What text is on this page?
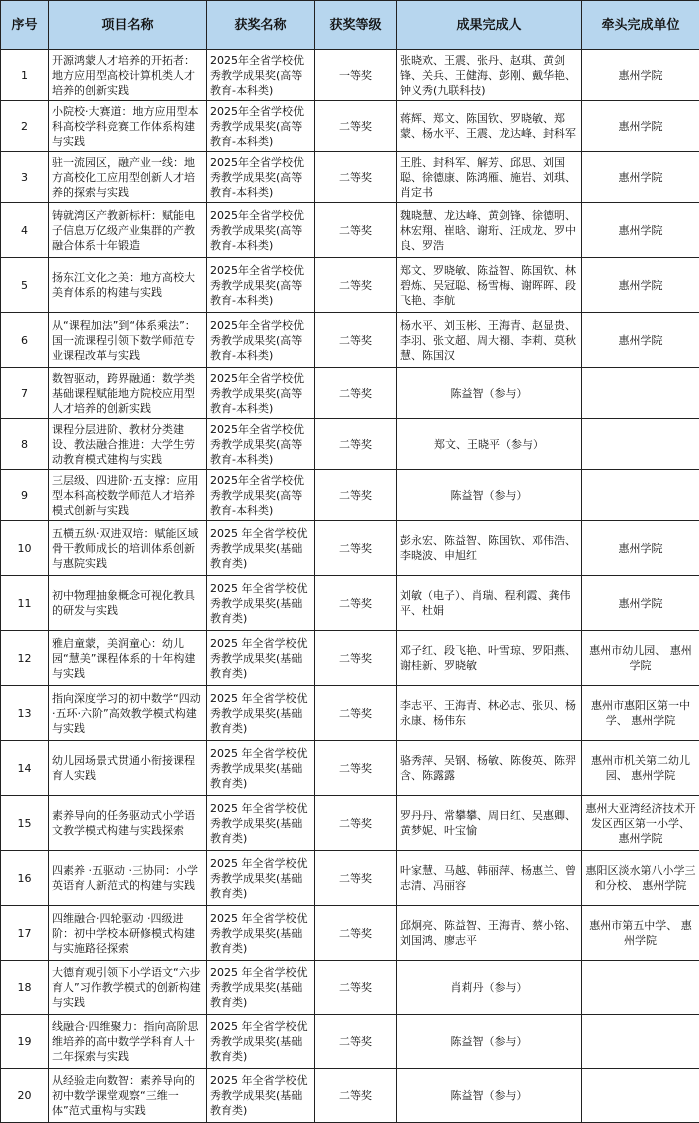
序号	项目名称	获奖名称	获奖等级	成果完成人	牵头完成单位
1	开源鸿蒙人才培养的开拓者：地方应用型高校计算机类人才培养的创新实践	2025年全省学校优秀教学成果奖(高等教育-本科类)	一等奖	张晓欢、王震、张丹、赵琪、黄剑锋、关兵、王健海、彭刚、戴华艳、钟义秀(九联科技)	惠州学院
2	小院校·大赛道：地方应用型本科高校学科竞赛工作体系构建与实践	2025年全省学校优秀教学成果奖(高等教育-本科类)	二等奖	蒋辉、郑文、陈国钦、罗晓敏、郑蒙、杨水平、王震、龙达峰、封科军	惠州学院
3	驻一流园区，融产业一线：地方高校化工应用型创新人才培养的探索与实践	2025年全省学校优秀教学成果奖(高等教育-本科类)	二等奖	王胜、封科军、解芳、邱思、刘国聪、徐德康、陈鸿雁、施岩、刘琪、肖定书	惠州学院
4	铸就湾区产教新标杆：赋能电子信息万亿级产业集群的产教融合体系十年锻造	2025年全省学校优秀教学成果奖(高等教育-本科类)	二等奖	魏晓慧、龙达峰、黄剑锋、徐德明、林宏翔、崔晗、谢珩、汪成龙、罗中良、罗浩	惠州学院
5	扬东江文化之美：地方高校大美育体系的构建与实践	2025年全省学校优秀教学成果奖(高等教育-本科类)	二等奖	郑文、罗晓敏、陈益智、陈国钦、林碧炼、吴冠聪、杨雪梅、谢晖晖、段飞艳、李航	惠州学院
6	从“课程加法”到“体系乘法”：国一流课程引领下数学师范专业课程改革与实践	2025年全省学校优秀教学成果奖(高等教育-本科类)	二等奖	杨水平、刘玉彬、王海青、赵显贵、李羽、张文超、周大禤、李莉、莫秋慧、陈国汉	惠州学院
7	数智驱动，跨界融通：数学类基础课程赋能地方院校应用型人才培养的创新实践	2025年全省学校优秀教学成果奖(高等教育-本科类)	二等奖	陈益智（参与）	
8	课程分层进阶、教材分类建设、教法融合推进：大学生劳动教育模式建构与实践	2025年全省学校优秀教学成果奖(高等教育-本科类)	二等奖	郑文、王晓平（参与）	
9	三层级、四进阶·五支撑：应用型本科高校数学师范人才培养模式创新与实践	2025年全省学校优秀教学成果奖(高等教育-本科类)	二等奖	陈益智（参与）	
10	五横五纵·双进双培：赋能区域骨干教师成长的培训体系创新与惠院实践	2025 年全省学校优秀教学成果奖(基础教育类)	二等奖	彭永宏、陈益智、陈国钦、邓伟浩、李晓波、申旭红	惠州学院
11	初中物理抽象概念可视化教具的研发与实践	2025 年全省学校优秀教学成果奖(基础教育类)	二等奖	刘敏（电子）、肖瑞、程利霞、龚伟平、杜娟	惠州学院
12	雅启童蒙，美润童心：幼儿园“慧美”课程体系的十年构建与实践	2025 年全省学校优秀教学成果奖(基础教育类)	二等奖	邓子红、段飞艳、叶雪琼、罗阳燕、谢桂新、罗晓敏	惠州市幼儿园、 惠州学院
13	指向深度学习的初中数学“四动·五环·六阶”高效教学模式构建与实践	2025 年全省学校优秀教学成果奖(基础教育类)	二等奖	李志平、王海青、林必志、张贝、杨永康、杨伟东	惠州市惠阳区第一中学、 惠州学院
14	幼儿园场景式贯通小衔接课程育人实践	2025 年全省学校优秀教学成果奖(基础教育类)	二等奖	骆秀萍、吴钢、杨敏、陈俊英、陈羿含、陈露露	惠州市机关第二幼儿园、 惠州学院
15	素养导向的任务驱动式小学语文教学模式构建与实践探索	2025 年全省学校优秀教学成果奖(基础教育类)	二等奖	罗丹丹、常攀攀、周日红、吴惠卿、黄梦妮、叶宝愉	惠州大亚湾经济技术开发区西区第一小学、 惠州学院
16	四素养 ·五驱动 ·三协同：小学英语育人新范式的构建与实践	2025 年全省学校优秀教学成果奖(基础教育类)	二等奖	叶家慧、马越、韩丽萍、杨惠兰、曾志清、冯丽容	惠阳区淡水第八小学三和分校、 惠州学院
17	四维融合·四轮驱动 ·四级进阶：初中学校本研修模式构建与实施路径探索	2025 年全省学校优秀教学成果奖(基础教育类)	二等奖	邱炯亮、陈益智、王海青、蔡小铭、刘国鸿、廖志平	惠州市第五中学、 惠州学院
18	大德育观引领下小学语文“六步育人”习作教学模式的创新构建与实践	2025 年全省学校优秀教学成果奖(基础教育类)	二等奖	肖莉丹（参与）	
19	线融合·四维聚力：指向高阶思维培养的高中数学学科育人十二年探索与实践	2025 年全省学校优秀教学成果奖(基础教育类)	二等奖	陈益智（参与）	
20	从经验走向数智：素养导向的初中数学课堂观察“三维一体”范式重构与实践	2025 年全省学校优秀教学成果奖(基础教育类)	二等奖	陈益智（参与）	
